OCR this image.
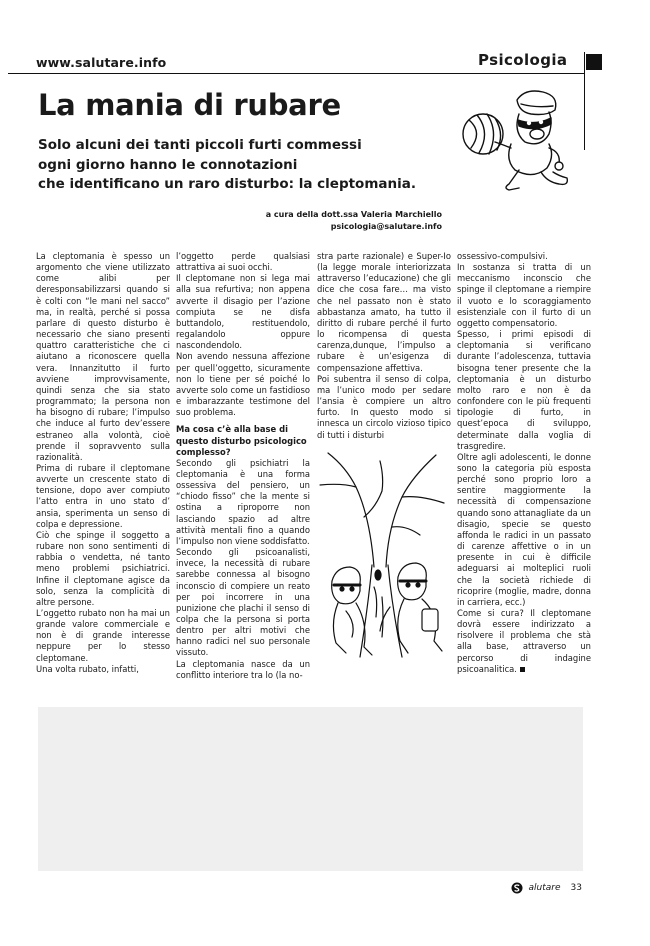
www.salutare.info	Psicologia
La mania di rubare
Solo alcuni dei tanti piccoli furti commessi
ogni giorno hanno le connotazioni
che identificano un raro disturbo: la cleptomania.
a cura della dott.ssa Valeria Marchiello
psicologia@salutare.info

La cleptomania è spesso un argomento che viene utilizzato come alibi per deresponsabilizzarsi quando si è colti con “le mani nel sacco” ma, in realtà, perché si possa parlare di questo disturbo è necessario che siano presenti quattro caratteristiche che ci aiutano a riconoscere quella vera. Innanzitutto il furto avviene improvvisamente, quindi senza che sia stato programmato; la persona non ha bisogno di rubare; l’impulso che induce al furto dev’essere estraneo alla volontà, cioè prende il sopravvento sulla razionalità.

Prima di rubare il cleptomane avverte un crescente stato di tensione, dopo aver compiuto l’atto entra in uno stato d’ ansia, sperimenta un senso di colpa e depressione.

Ciò che spinge il soggetto a rubare non sono sentimenti di rabbia o vendetta, né tanto meno problemi psichiatrici. Infine il cleptomane agisce da solo, senza la complicità di altre persone.

L’oggetto rubato non ha mai un grande valore commerciale e non è di grande interesse neppure per lo stesso cleptomane.

Una volta rubato, infatti,

l’oggetto perde qualsiasi attrattiva ai suoi occhi.

Il cleptomane non si lega mai alla sua refurtiva; non appena avverte il disagio per l’azione compiuta se ne disfa buttandolo, restituendolo, regalandolo oppure nascondendolo.

Non avendo nessuna affezione per quell’oggetto, sicuramente non lo tiene per sé poiché lo avverte solo come un fastidioso e imbarazzante testimone del suo problema.

Ma cosa c’è alla base di questo disturbo psicologico complesso?

Secondo gli psichiatri la cleptomania è una forma ossessiva del pensiero, un “chiodo fisso” che la mente si ostina a riproporre non lasciando spazio ad altre attività mentali fino a quando l’impulso non viene soddisfatto.

Secondo gli psicoanalisti, invece, la necessità di rubare sarebbe connessa al bisogno inconscio di compiere un reato per poi incorrere in una punizione che plachi il senso di colpa che la persona si porta dentro per altri motivi che hanno radici nel suo personale vissuto.

La cleptomania nasce da un conflitto interiore tra lo (la no-

stra parte razionale) e Super-Io (la legge morale interiorizzata attraverso l’educazione) che gli dice che cosa fare… ma visto che nel passato non è stato abbastanza amato, ha tutto il diritto di rubare perché il furto lo ricompensa di questa carenza,dunque, l’impulso a rubare è un’esigenza di compensazione affettiva.

Poi subentra il senso di colpa, ma l’unico modo per sedare l’ansia è compiere un altro furto. In questo modo si innesca un circolo vizioso tipico di tutti i disturbi

ossessivo-compulsivi.

In sostanza si tratta di un meccanismo inconscio che spinge il cleptomane a riempire il vuoto e lo scoraggiamento esistenziale con il furto di un oggetto compensatorio.

Spesso, i primi episodi di cleptomania si verificano durante l’adolescenza, tuttavia bisogna tener presente che la cleptomania è un disturbo molto raro e non è da confondere con le più frequenti tipologie di furto, in quest’epoca di sviluppo, determinate dalla voglia di trasgredire.

Oltre agli adolescenti, le donne sono la categoria più esposta perché sono proprio loro a sentire maggiormente la necessità di compensazione quando sono attanagliate da un disagio, specie se questo affonda le radici in un passato di carenze affettive o in un presente in cui è difficile adeguarsi ai molteplici ruoli che la società richiede di ricoprire (moglie, madre, donna in carriera, ecc.)

Come si cura? Il cleptomane dovrà essere indirizzato a risolvere il problema che stà alla base, attraverso un percorso di indagine psicoanalitica.

alutare 33
